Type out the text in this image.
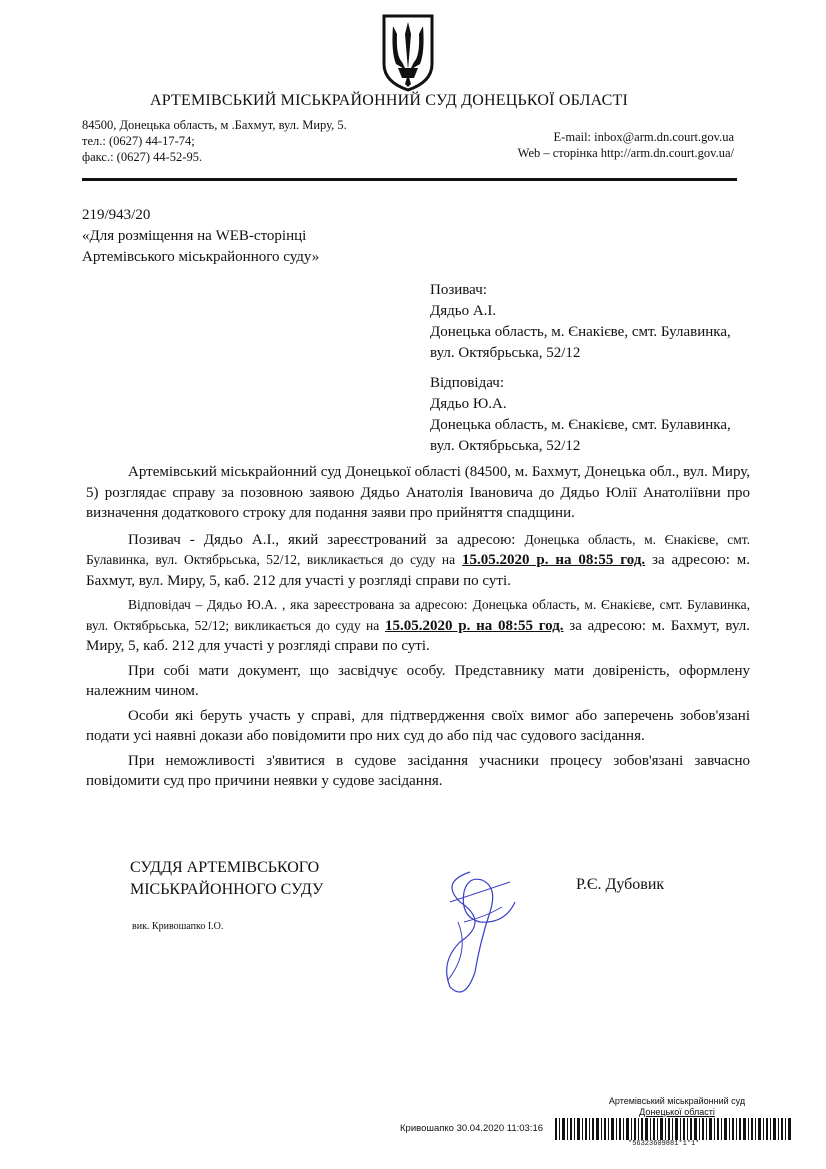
АРТЕМІВСЬКИЙ МІСЬКРАЙОННИЙ СУД ДОНЕЦЬКОЇ ОБЛАСТІ
84500, Донецька область, м .Бахмут, вул. Миру, 5.
тел.: (0627) 44-17-74;
факс.: (0627) 44-52-95.
E-mail: inbox@arm.dn.court.gov.ua
Web – сторінка http://arm.dn.court.gov.ua/
219/943/20
«Для розміщення на WEB-сторінці
Артемівського міськрайонного суду»
Позивач:
Дядьо А.І.
Донецька область, м. Єнакієве, смт. Булавинка,
вул. Октябрьська, 52/12
Відповідач:
Дядьо Ю.А.
Донецька область, м. Єнакієве, смт. Булавинка,
вул. Октябрьська, 52/12

Артемівський міськрайонний суд Донецької області (84500, м. Бахмут, Донецька обл., вул. Миру, 5) розглядає справу за позовною заявою Дядьо Анатолія Івановича до Дядьо Юлії Анатоліївни про визначення додаткового строку для подання заяви про прийняття спадщини.

Позивач - Дядьо А.І., який зареєстрований за адресою: Донецька область, м. Єнакієве, смт. Булавинка, вул. Октябрьська, 52/12, викликається до суду на 15.05.2020 р. на 08:55 год. за адресою: м. Бахмут, вул. Миру, 5, каб. 212 для участі у розгляді справи по суті.

Відповідач – Дядьо Ю.А. , яка зареєстрована за адресою: Донецька область, м. Єнакієве, смт. Булавинка, вул. Октябрьська, 52/12; викликається до суду на 15.05.2020 р. на 08:55 год. за адресою: м. Бахмут, вул. Миру, 5, каб. 212 для участі у розгляді справи по суті.

При собі мати документ, що засвідчує особу. Представнику мати довіреність, оформлену належним чином.

Особи які беруть участь у справі, для підтвердження своїх вимог або заперечень зобов'язані подати усі наявні докази або повідомити про них суд до або під час судового засідання.

При неможливості з'явитися в судове засідання учасники процесу зобов'язані завчасно повідомити суд про причини неявки у судове засідання.

СУДДЯ АРТЕМІВСЬКОГО
МІСЬКРАЙОННОГО СУДУ
вик. Кривошапко І.О.
Р.Є. Дубовик
Артемівський міськрайонний суд
Донецької області
Кривошапко 30.04.2020 11:03:16
*56323609881*1*1*
